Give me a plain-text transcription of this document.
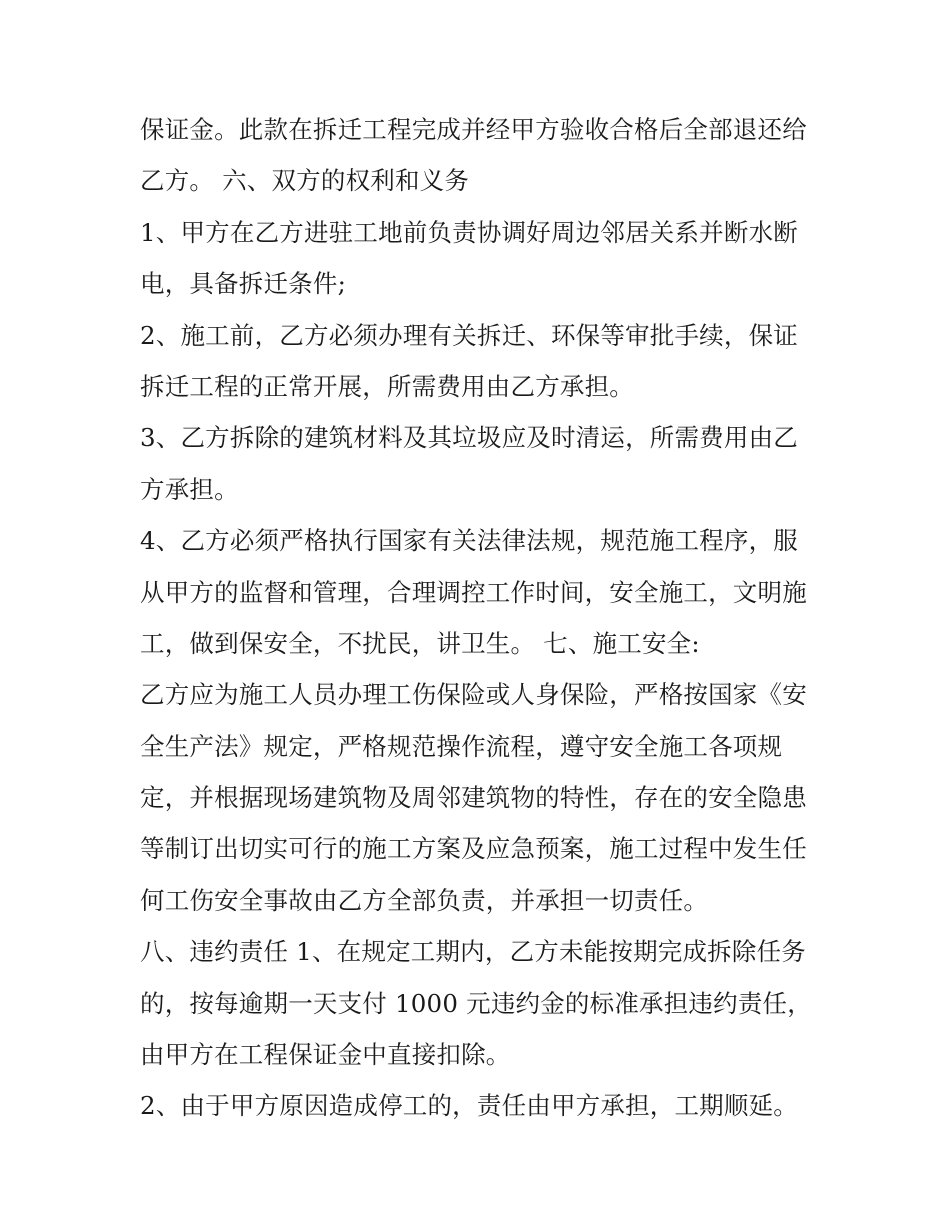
保证金。此款在拆迁工程完成并经甲方验收合格后全部退还给
乙方。 六、双方的权利和义务
1、甲方在乙方进驻工地前负责协调好周边邻居关系并断水断
电，具备拆迁条件;
2、施工前，乙方必须办理有关拆迁、环保等审批手续，保证
拆迁工程的正常开展，所需费用由乙方承担。
3、乙方拆除的建筑材料及其垃圾应及时清运，所需费用由乙
方承担。
4、乙方必须严格执行国家有关法律法规，规范施工程序，服
从甲方的监督和管理，合理调控工作时间，安全施工，文明施
工，做到保安全，不扰民，讲卫生。 七、施工安全:
乙方应为施工人员办理工伤保险或人身保险，严格按国家《安
全生产法》规定，严格规范操作流程，遵守安全施工各项规
定，并根据现场建筑物及周邻建筑物的特性，存在的安全隐患
等制订出切实可行的施工方案及应急预案，施工过程中发生任
何工伤安全事故由乙方全部负责，并承担一切责任。
八、违约责任 1、在规定工期内，乙方未能按期完成拆除任务
的，按每逾期一天支付 1000 元违约金的标准承担违约责任，
由甲方在工程保证金中直接扣除。
2、由于甲方原因造成停工的，责任由甲方承担，工期顺延。
